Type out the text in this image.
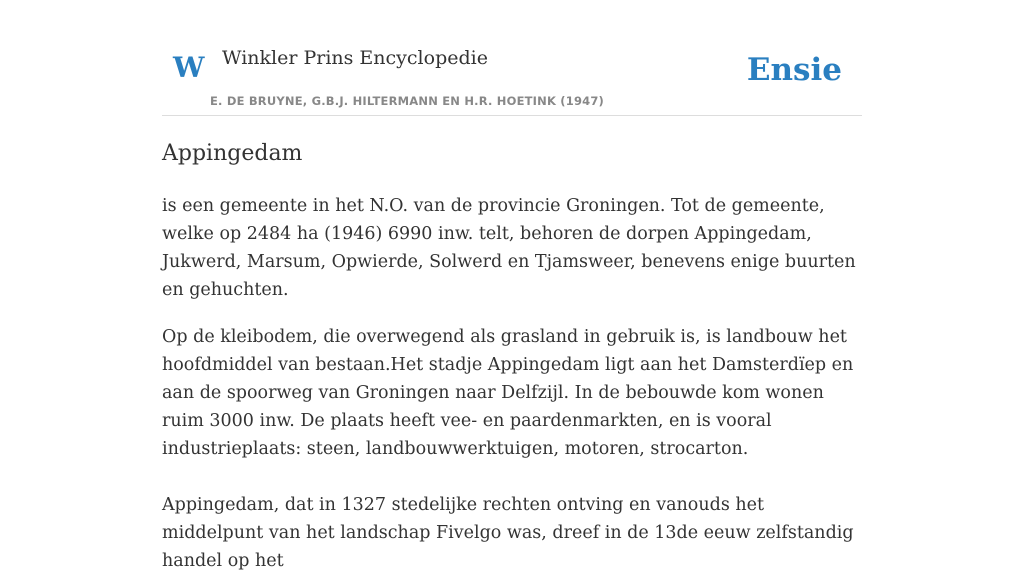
W Winkler Prins Encyclopedie
E. DE BRUYNE, G.B.J. HILTERMANN EN H.R. HOETINK (1947)
Ensie
Appingedam

is een gemeente in het N.O. van de provincie Groningen. Tot de gemeente, welke op 2484 ha (1946) 6990 inw. telt, behoren de dorpen Appingedam, Jukwerd, Marsum, Opwierde, Solwerd en Tjamsweer, benevens enige buurten en gehuchten.

Op de kleibodem, die overwegend als grasland in gebruik is, is landbouw het hoofdmiddel van bestaan.Het stadje Appingedam ligt aan het Damsterdïep en aan de spoorweg van Groningen naar Delfzijl. In de bebouwde kom wonen ruim 3000 inw. De plaats heeft vee- en paardenmarkten, en is vooral industrieplaats: steen, landbouwwerktuigen, motoren, strocarton.

Appingedam, dat in 1327 stedelijke rechten ontving en vanouds het middelpunt van het landschap Fivelgo was, dreef in de 13de eeuw zelfstandig handel op het
